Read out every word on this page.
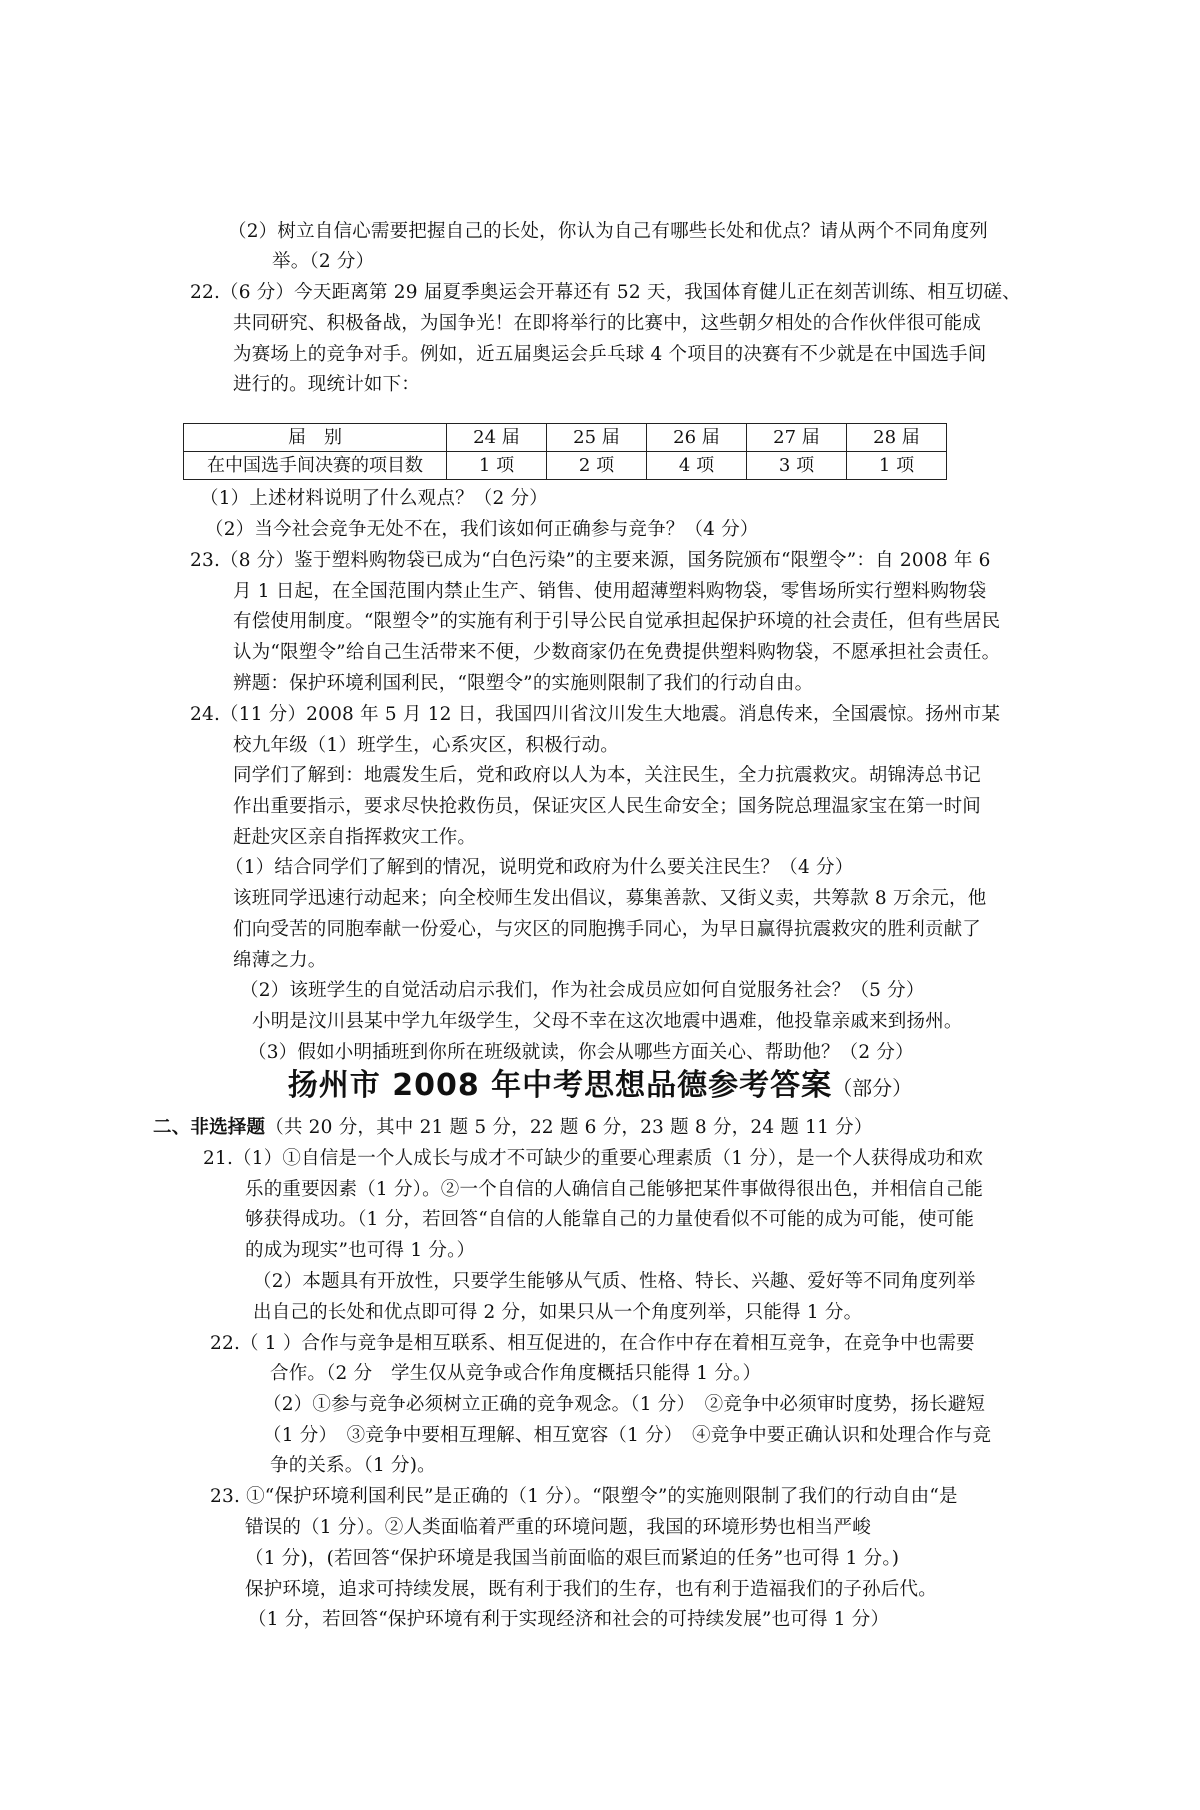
（2）树立自信心需要把握自己的长处，你认为自己有哪些长处和优点？请从两个不同角度列
举。（2 分）
22.（6 分）今天距离第 29 届夏季奥运会开幕还有 52 天，我国体育健儿正在刻苦训练、相互切磋、
共同研究、积极备战，为国争光！在即将举行的比赛中，这些朝夕相处的合作伙伴很可能成
为赛场上的竞争对手。例如，近五届奥运会乒乓球 4 个项目的决赛有不少就是在中国选手间
进行的。现统计如下：
届　别	24 届	25 届	26 届	27 届	28 届
在中国选手间决赛的项目数	1 项	2 项	4 项	3 项	1 项
（1）上述材料说明了什么观点？（2 分）
（2）当今社会竞争无处不在，我们该如何正确参与竞争？（4 分）
23.（8 分）鉴于塑料购物袋已成为“白色污染”的主要来源，国务院颁布“限塑令”：自 2008 年 6
月 1 日起，在全国范围内禁止生产、销售、使用超薄塑料购物袋，零售场所实行塑料购物袋
有偿使用制度。“限塑令”的实施有利于引导公民自觉承担起保护环境的社会责任，但有些居民
认为“限塑令”给自己生活带来不便，少数商家仍在免费提供塑料购物袋，不愿承担社会责任。
辨题：保护环境利国利民，“限塑令”的实施则限制了我们的行动自由。
24.（11 分）2008 年 5 月 12 日，我国四川省汶川发生大地震。消息传来，全国震惊。扬州市某
校九年级（1）班学生，心系灾区，积极行动。
同学们了解到：地震发生后，党和政府以人为本，关注民生，全力抗震救灾。胡锦涛总书记
作出重要指示，要求尽快抢救伤员，保证灾区人民生命安全；国务院总理温家宝在第一时间
赶赴灾区亲自指挥救灾工作。
（1）结合同学们了解到的情况，说明党和政府为什么要关注民生？（4 分）
该班同学迅速行动起来；向全校师生发出倡议，募集善款、又街义卖，共筹款 8 万余元，他
们向受苦的同胞奉献一份爱心，与灾区的同胞携手同心，为早日赢得抗震救灾的胜利贡献了
绵薄之力。
（2）该班学生的自觉活动启示我们，作为社会成员应如何自觉服务社会？（5 分）
小明是汶川县某中学九年级学生，父母不幸在这次地震中遇难，他投靠亲戚来到扬州。
（3）假如小明插班到你所在班级就读，你会从哪些方面关心、帮助他？（2 分）
扬州市 2008 年中考思想品德参考答案（部分）
二、非选择题（共 20 分，其中 21 题 5 分，22 题 6 分，23 题 8 分，24 题 11 分）
21.（1）①自信是一个人成长与成才不可缺少的重要心理素质（1 分），是一个人获得成功和欢
乐的重要因素（1 分）。②一个自信的人确信自己能够把某件事做得很出色，并相信自己能
够获得成功。（1 分，若回答“自信的人能靠自己的力量使看似不可能的成为可能，使可能
的成为现实”也可得 1 分。）
（2）本题具有开放性，只要学生能够从气质、性格、特长、兴趣、爱好等不同角度列举
出自己的长处和优点即可得 2 分，如果只从一个角度列举，只能得 1 分。
22.（ 1 ）合作与竞争是相互联系、相互促进的，在合作中存在着相互竞争，在竞争中也需要
合作。（2 分　学生仅从竞争或合作角度概括只能得 1 分。）
（2）①参与竞争必须树立正确的竞争观念。（1 分）　②竞争中必须审时度势，扬长避短
（1 分）　③竞争中要相互理解、相互宽容（1 分）　④竞争中要正确认识和处理合作与竞
争的关系。（1 分)。
23. ①“保护环境利国利民”是正确的（1 分）。“限塑令”的实施则限制了我们的行动自由“是
错误的（1 分）。②人类面临着严重的环境问题，我国的环境形势也相当严峻
（1 分)，(若回答“保护环境是我国当前面临的艰巨而紧迫的任务”也可得 1 分。)
保护环境，追求可持续发展，既有利于我们的生存，也有利于造福我们的子孙后代。
（1 分，若回答“保护环境有利于实现经济和社会的可持续发展”也可得 1 分）
